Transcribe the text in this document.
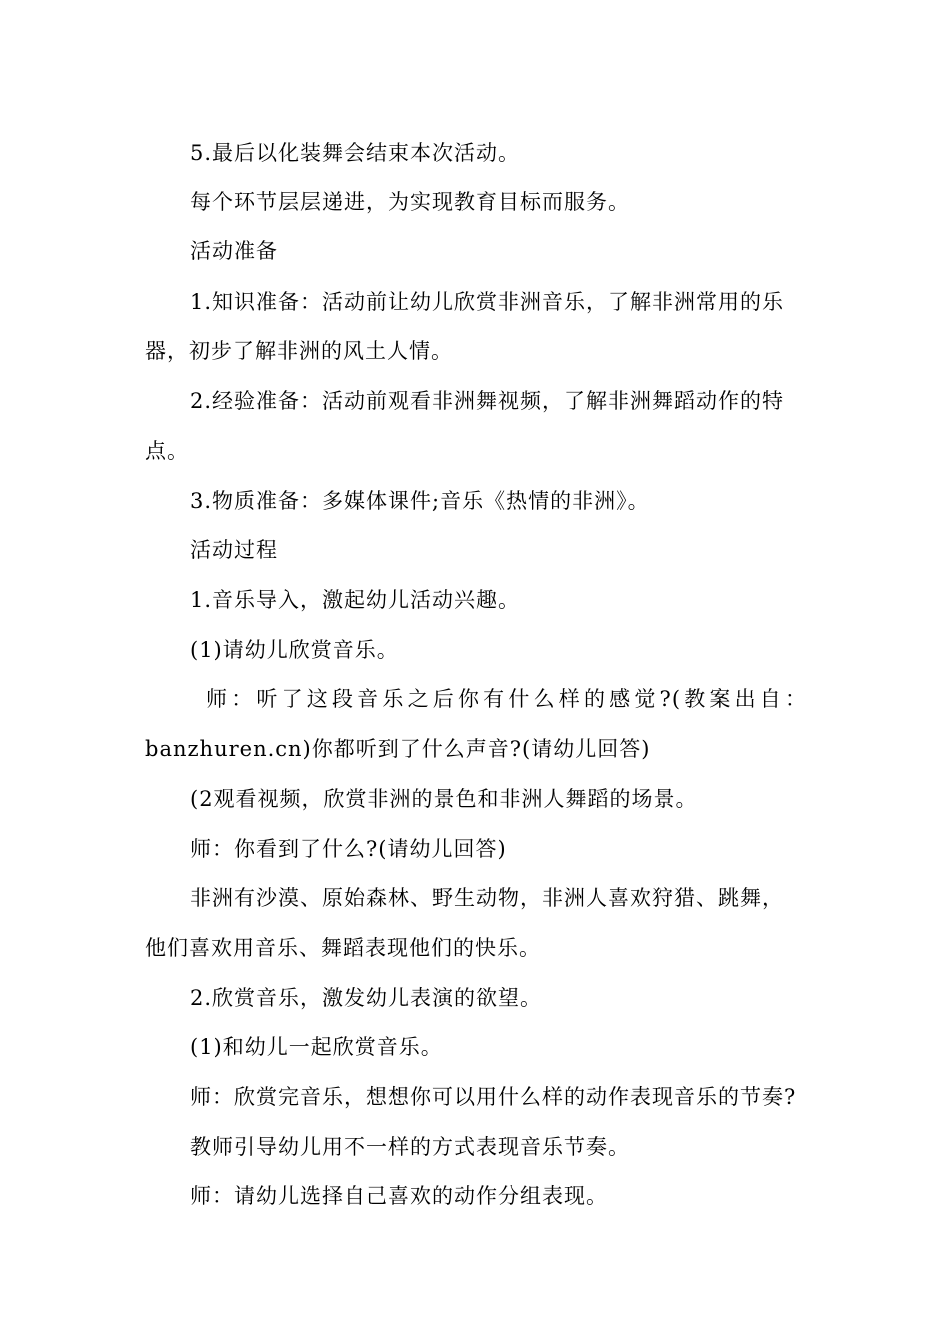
5.最后以化装舞会结束本次活动。
每个环节层层递进，为实现教育目标而服务。
活动准备
1.知识准备：活动前让幼儿欣赏非洲音乐，了解非洲常用的乐
器，初步了解非洲的风土人情。
2.经验准备：活动前观看非洲舞视频，了解非洲舞蹈动作的特
点。
3.物质准备：多媒体课件;音乐《热情的非洲》。
活动过程
1.音乐导入，激起幼儿活动兴趣。
(1)请幼儿欣赏音乐。
师：听了这段音乐之后你有什么样的感觉?(教案出自：
banzhuren.cn)你都听到了什么声音?(请幼儿回答)
(2观看视频，欣赏非洲的景色和非洲人舞蹈的场景。
师：你看到了什么?(请幼儿回答)
非洲有沙漠、原始森林、野生动物，非洲人喜欢狩猎、跳舞，
他们喜欢用音乐、舞蹈表现他们的快乐。
2.欣赏音乐，激发幼儿表演的欲望。
(1)和幼儿一起欣赏音乐。
师：欣赏完音乐，想想你可以用什么样的动作表现音乐的节奏?
教师引导幼儿用不一样的方式表现音乐节奏。
师：请幼儿选择自己喜欢的动作分组表现。
